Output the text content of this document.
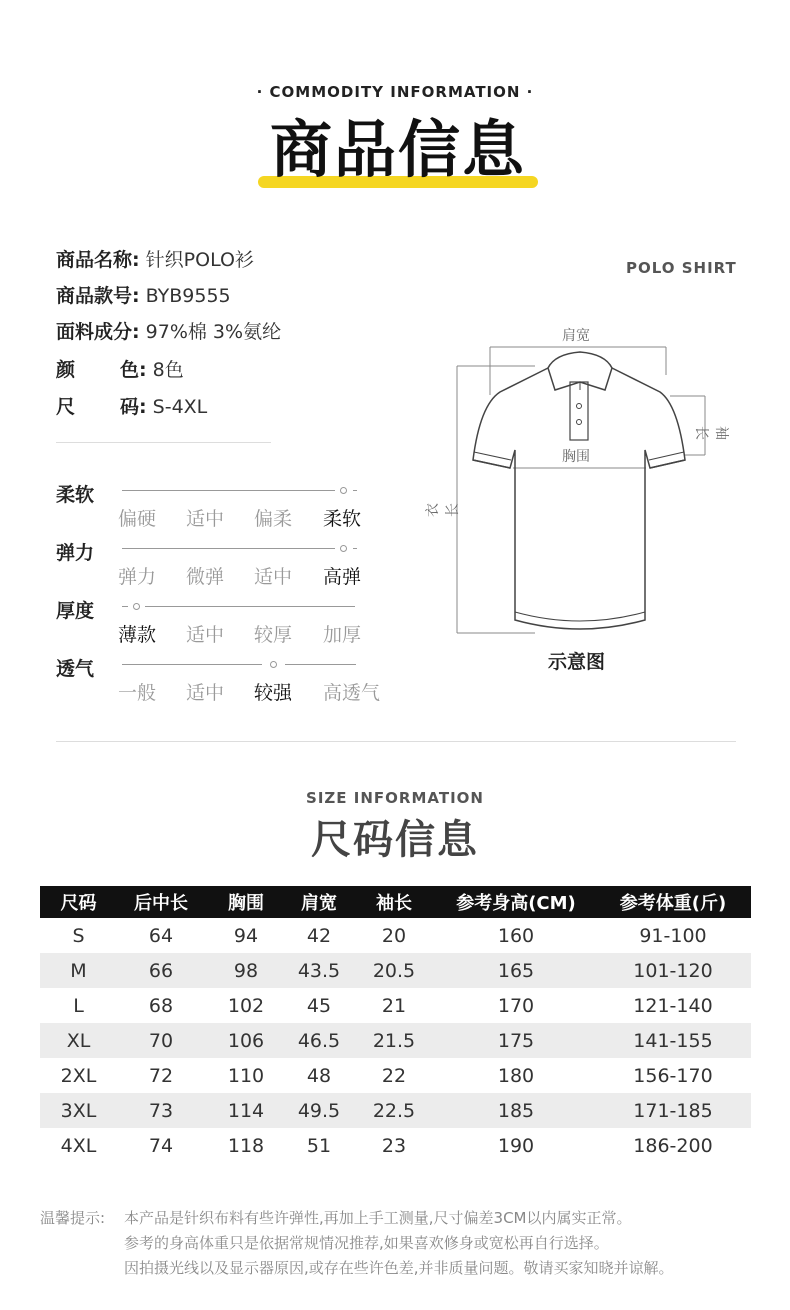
· COMMODITY INFORMATION ·
商品信息
商品名称: 针织POLO衫
商品款号: BYB9555
面料成分: 97%棉 3%氨纶
颜 色: 8色
尺 码: S-4XL
柔软
偏硬	适中	偏柔	柔软
弹力
弹力	微弹	适中	高弹
厚度
薄款	适中	较厚	加厚
透气
一般	适中	较强	高透气
POLO SHIRT
肩宽
胸围
袖长
衣长
示意图
SIZE INFORMATION
尺码信息
尺码	后中长	胸围	肩宽	袖长	参考身高(CM)	参考体重(斤)
S	64	94	42	20	160	91-100
M	66	98	43.5	20.5	165	101-120
L	68	102	45	21	170	121-140
XL	70	106	46.5	21.5	175	141-155
2XL	72	110	48	22	180	156-170
3XL	73	114	49.5	22.5	185	171-185
4XL	74	118	51	23	190	186-200
温馨提示: 本产品是针织布料有些许弹性,再加上手工测量,尺寸偏差3CM以内属实正常。
参考的身高体重只是依据常规情况推荐,如果喜欢修身或宽松再自行选择。
因拍摄光线以及显示器原因,或存在些许色差,并非质量问题。敬请买家知晓并谅解。
